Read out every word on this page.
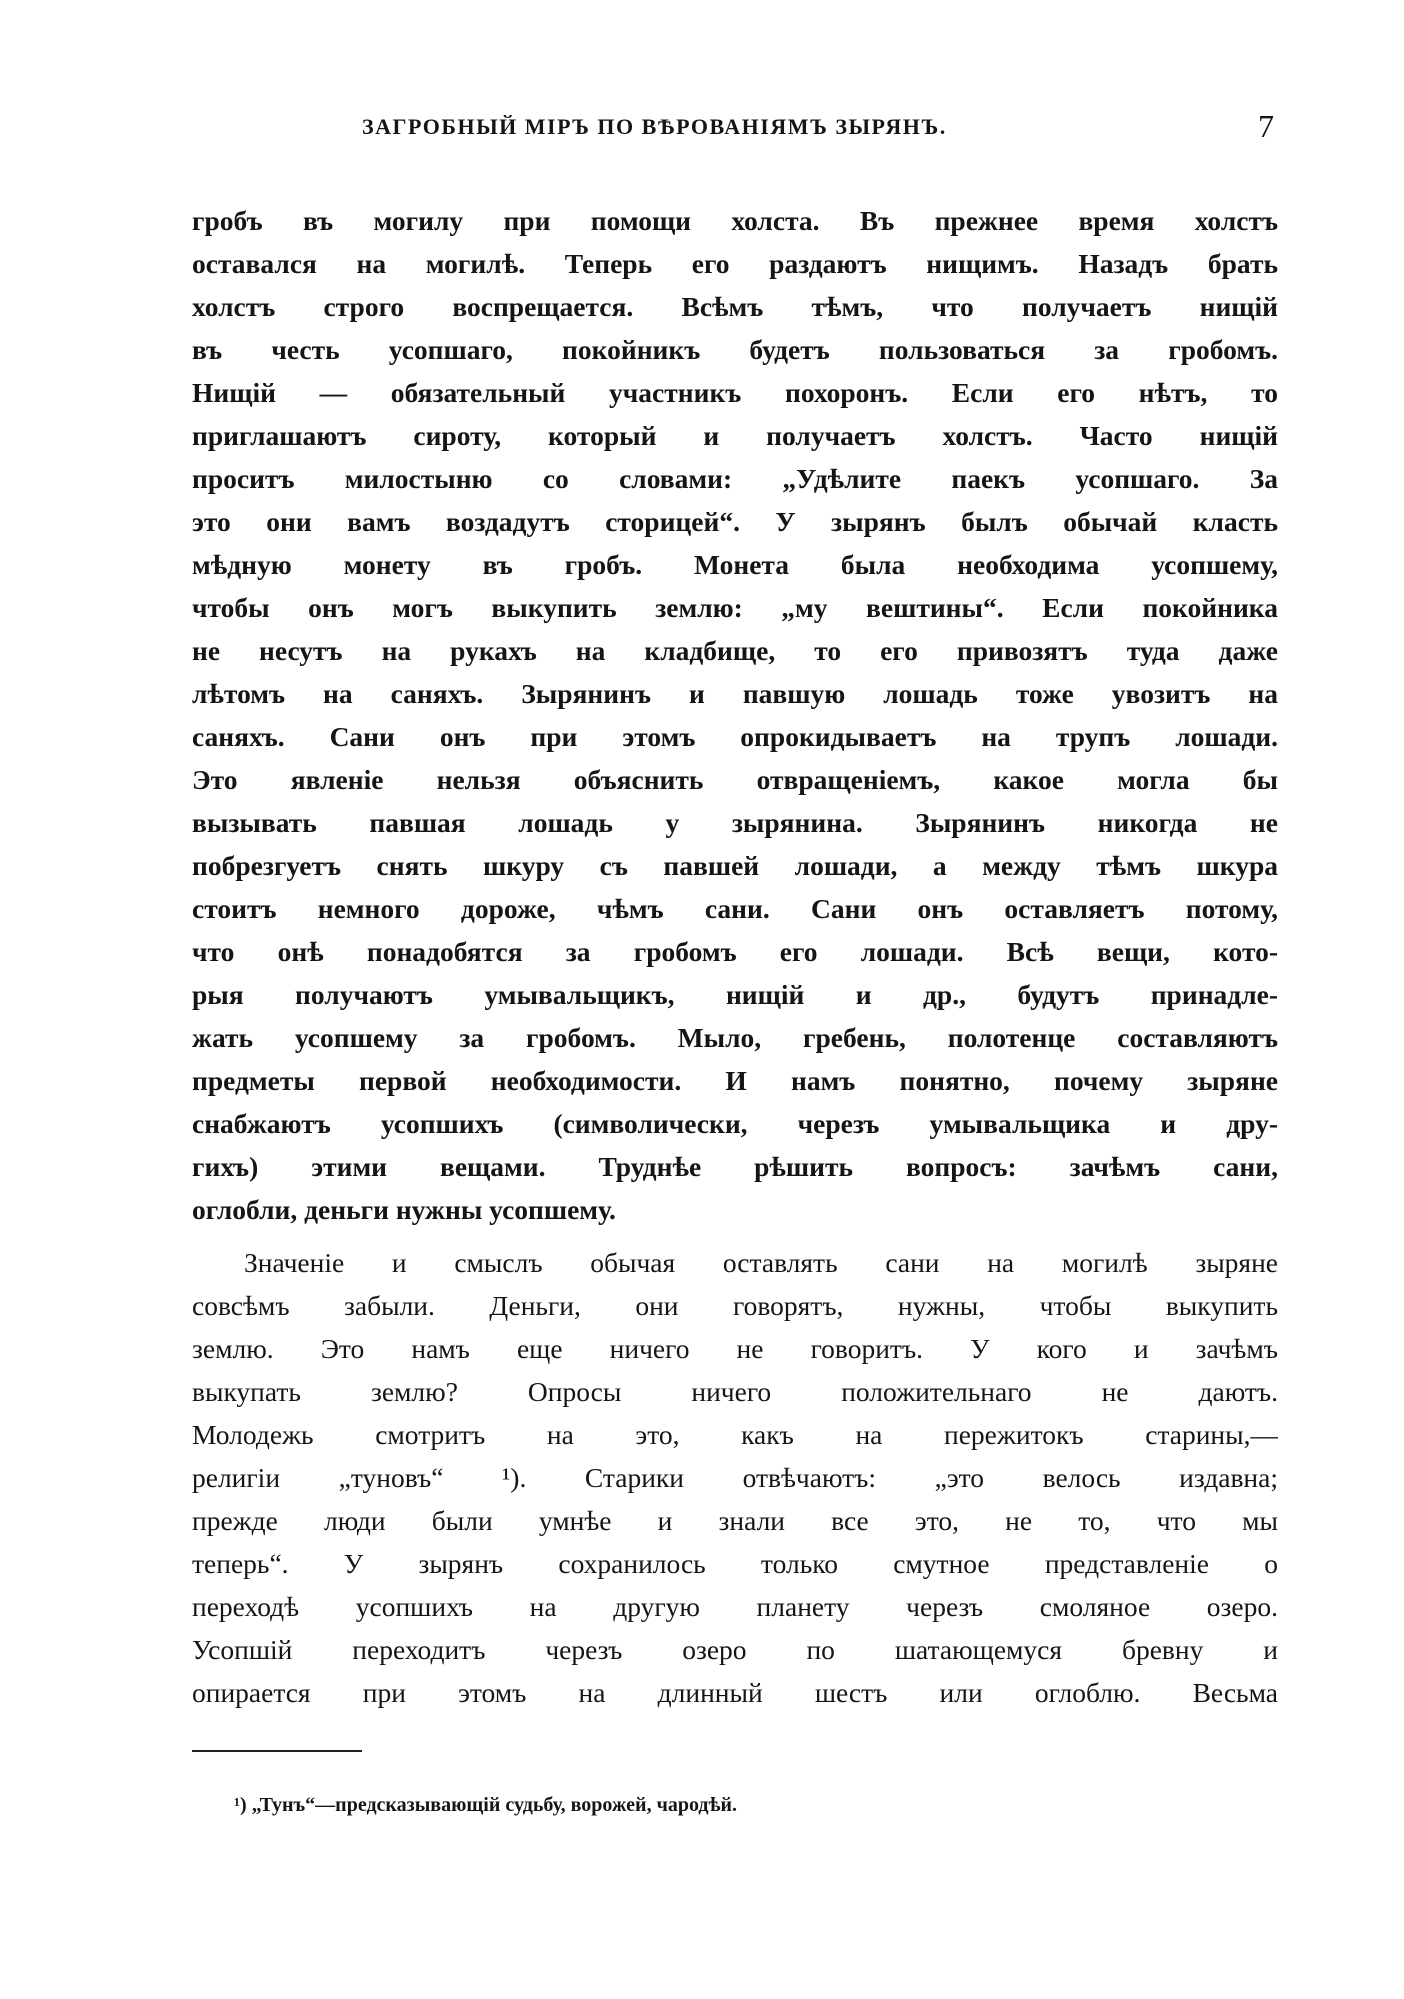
ЗАГРОБНЫЙ МІРЪ ПО ВѢРОВАНІЯМЪ ЗЫРЯНЪ.	7
гробъ въ могилу при помощи холста. Въ прежнее время холстъ
оставался на могилѣ. Теперь его раздаютъ нищимъ. Назадъ брать
холстъ строго воспрещается. Всѣмъ тѣмъ, что получаетъ нищій
въ честь усопшаго, покойникъ будетъ пользоваться за гробомъ.
Нищій — обязательный участникъ похоронъ. Если его нѣтъ, то
приглашаютъ сироту, который и получаетъ холстъ. Часто нищій
проситъ милостыню со словами: „Удѣлите паекъ усопшаго. За
это они вамъ воздадутъ сторицей“. У зырянъ былъ обычай класть
мѣдную монету въ гробъ. Монета была необходима усопшему,
чтобы онъ могъ выкупить землю: „му вештины“. Если покойника
не несутъ на рукахъ на кладбище, то его привозятъ туда даже
лѣтомъ на саняхъ. Зырянинъ и павшую лошадь тоже увозитъ на
саняхъ. Сани онъ при этомъ опрокидываетъ на трупъ лошади.
Это явленіе нельзя объяснить отвращеніемъ, какое могла бы
вызывать павшая лошадь у зырянина. Зырянинъ никогда не
побрезгуетъ снять шкуру съ павшей лошади, а между тѣмъ шкура
стоитъ немного дороже, чѣмъ сани. Сани онъ оставляетъ потому,
что онѣ понадобятся за гробомъ его лошади. Всѣ вещи, кото-
рыя получаютъ умывальщикъ, нищій и др., будутъ принадле-
жать усопшему за гробомъ. Мыло, гребень, полотенце составляютъ
предметы первой необходимости. И намъ понятно, почему зыряне
снабжаютъ усопшихъ (символически, черезъ умывальщика и дру-
гихъ) этими вещами. Труднѣе рѣшить вопросъ: зачѣмъ сани,
оглобли, деньги нужны усопшему.
Значеніе и смыслъ обычая оставлять сани на могилѣ зыряне
совсѣмъ забыли. Деньги, они говорятъ, нужны, чтобы выкупить
землю. Это намъ еще ничего не говоритъ. У кого и зачѣмъ
выкупать землю? Опросы ничего положительнаго не даютъ.
Молодежь смотритъ на это, какъ на пережитокъ старины,—
религіи „туновъ“ ¹). Старики отвѣчаютъ: „это велось издавна;
прежде люди были умнѣе и знали все это, не то, что мы
теперь“. У зырянъ сохранилось только смутное представленіе о
переходѣ усопшихъ на другую планету черезъ смоляное озеро.
Усопшій переходитъ черезъ озеро по шатающемуся бревну и
опирается при этомъ на длинный шестъ или оглоблю. Весьма
¹) „Тунъ“—предсказывающій судьбу, ворожей, чародѣй.
